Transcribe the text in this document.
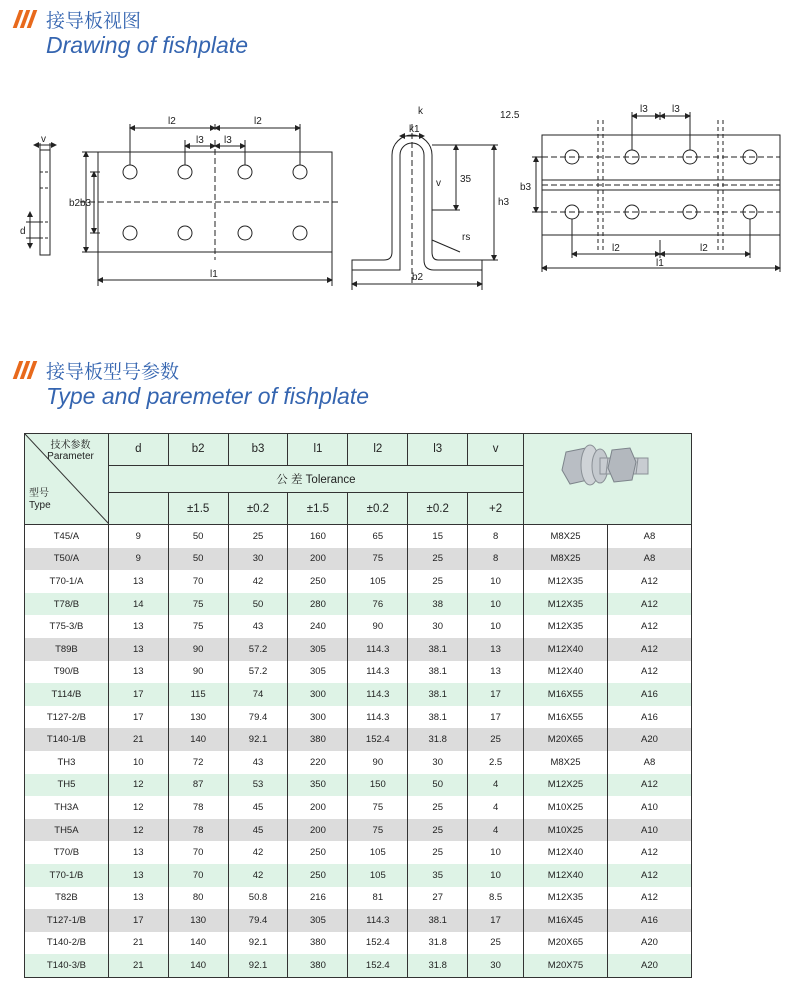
接导板视图
Drawing of fishplate
v
d
b2 b3
l1
l2	l2
l3 l3
k
k1
v 35
h3
rs
b2
12.5
b3
l3 l3
l2	l2
l1
接导板型号参数
Type and paremeter of fishplate
技术参数
Parameter
型号
Type	d	b2	b3	l1	l2	l3	v	
	公 差 Tolerance								
		±1.5	±0.2	±1.5	±0.2	±0.2	+2		
T45/A	9	50	25	160	65	15	8	M8X25	A8
T50/A	9	50	30	200	75	25	8	M8X25	A8
T70-1/A	13	70	42	250	105	25	10	M12X35	A12
T78/B	14	75	50	280	76	38	10	M12X35	A12
T75-3/B	13	75	43	240	90	30	10	M12X35	A12
T89B	13	90	57.2	305	114.3	38.1	13	M12X40	A12
T90/B	13	90	57.2	305	114.3	38.1	13	M12X40	A12
T114/B	17	115	74	300	114.3	38.1	17	M16X55	A16
T127-2/B	17	130	79.4	300	114.3	38.1	17	M16X55	A16
T140-1/B	21	140	92.1	380	152.4	31.8	25	M20X65	A20
TH3	10	72	43	220	90	30	2.5	M8X25	A8
TH5	12	87	53	350	150	50	4	M12X25	A12
TH3A	12	78	45	200	75	25	4	M10X25	A10
TH5A	12	78	45	200	75	25	4	M10X25	A10
T70/B	13	70	42	250	105	25	10	M12X40	A12
T70-1/B	13	70	42	250	105	35	10	M12X40	A12
T82B	13	80	50.8	216	81	27	8.5	M12X35	A12
T127-1/B	17	130	79.4	305	114.3	38.1	17	M16X45	A16
T140-2/B	21	140	92.1	380	152.4	31.8	25	M20X65	A20
T140-3/B	21	140	92.1	380	152.4	31.8	30	M20X75	A20
